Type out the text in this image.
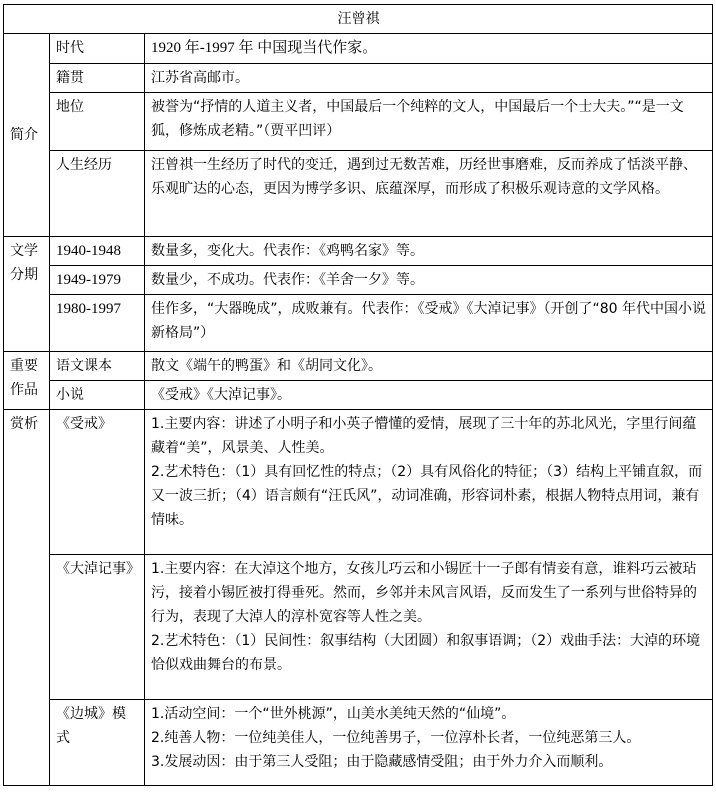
汪曾祺		
简介	时代	1920 年-1997 年 中国现当代作家。
	籍贯	江苏省高邮市。
	地位	被誉为“抒情的人道主义者，中国最后一个纯粹的文人，中国最后一个士大夫。”“是一文狐，修炼成老精。”（贾平凹评）
	人生经历	汪曾祺一生经历了时代的变迁，遇到过无数苦难，历经世事磨难，反而养成了恬淡平静、乐观旷达的心态，更因为博学多识、底蕴深厚，而形成了积极乐观诗意的文学风格。
文学分期	1940-1948	数量多，变化大。代表作：《鸡鸭名家》等。
	1949-1979	数量少，不成功。代表作：《羊舍一夕》等。
	1980-1997	佳作多，“大器晚成”，成败兼有。代表作：《受戒》《大淖记事》（开创了“80 年代中国小说新格局”）
重要作品	语文课本	散文《端午的鸭蛋》和《胡同文化》。
	小说	《受戒》《大淖记事》。
赏析	《受戒》	1.主要内容：讲述了小明子和小英子懵懂的爱情，展现了三十年的苏北风光，字里行间蕴藏着“美”，风景美、人性美。
2.艺术特色：（1）具有回忆性的特点；（2）具有风俗化的特征；（3）结构上平铺直叙，而又一波三折；（4）语言颇有“汪氏风”，动词准确，形容词朴素，根据人物特点用词，兼有情味。

	《大淖记事》	1.主要内容：在大淖这个地方，女孩儿巧云和小锡匠十一子郎有情妾有意，谁料巧云被玷污，接着小锡匠被打得垂死。然而，乡邻并未风言风语，反而发生了一系列与世俗特异的行为，表现了大淖人的淳朴宽容等人性之美。
2.艺术特色：（1）民间性：叙事结构（大团圆）和叙事语调；（2）戏曲手法：大淖的环境恰似戏曲舞台的布景。

	《边城》模式	1.活动空间：一个“世外桃源”，山美水美纯天然的“仙境”。
2.纯善人物：一位纯美佳人，一位纯善男子，一位淳朴长者，一位纯恶第三人。
3.发展动因：由于第三人受阻；由于隐藏感情受阻；由于外力介入而顺利。
